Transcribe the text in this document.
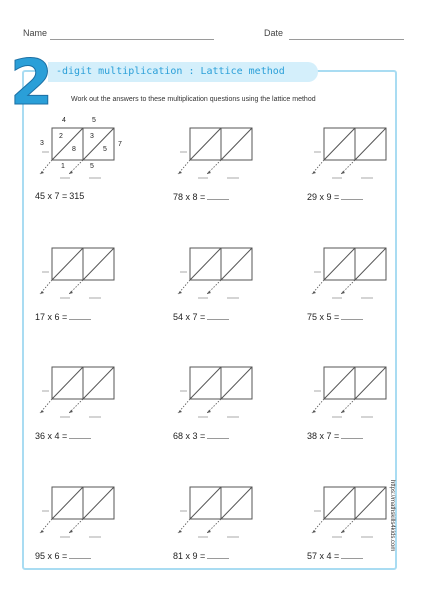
Name	Date
2 -digit multiplication : Lattice method
Work out the answers to these multiplication questions using the lattice method
4	5
7
2
8
3
5
3
1	5
45 x 7 = 315	78 x 8 =	29 x 9 =
17 x 6 =	54 x 7 =	75 x 5 =
36 x 4 =	68 x 3 =	38 x 7 =
95 x 6 =	81 x 9 =	57 x 4 =
https://mathskills4kids.com
